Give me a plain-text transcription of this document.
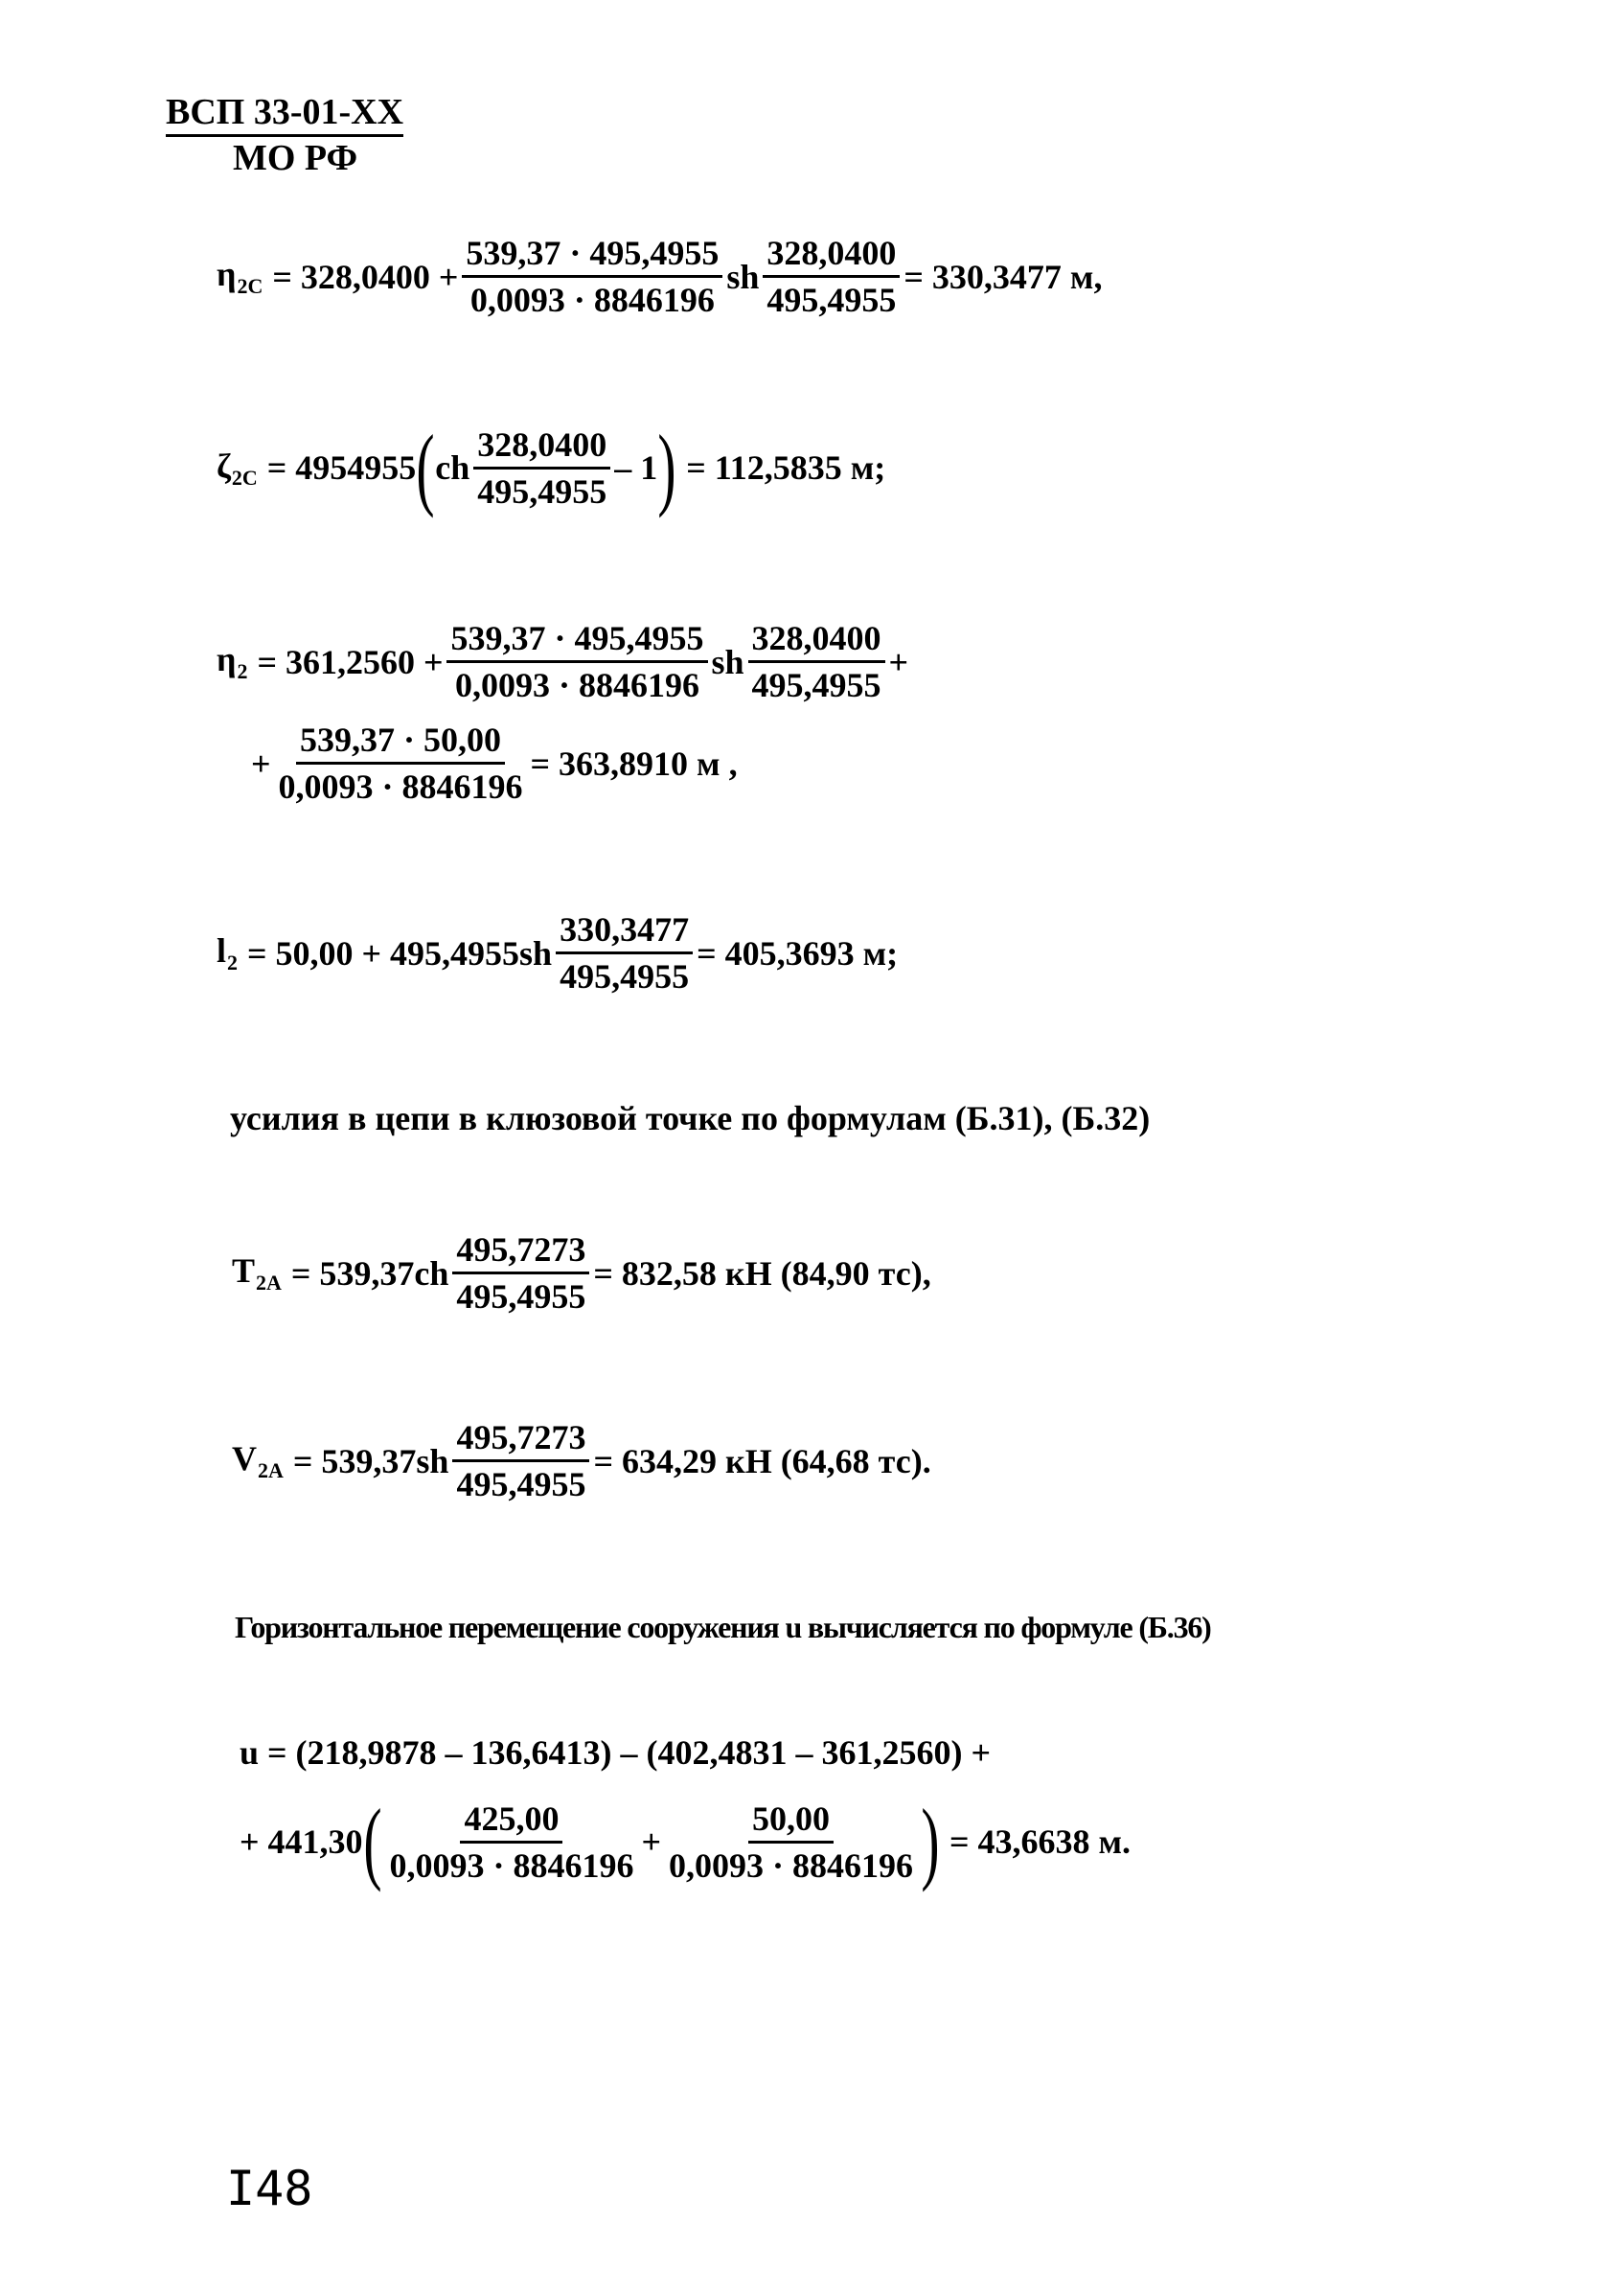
ВСП 33-01-ХХ
МО РФ
$\eta_{2С} = 328,0400 + \frac{539,37 \cdot 495,4955}{0,0093 \cdot 8846196}$ sh $\frac{328,0400}{495,4955} = 330,3477$ м,
$\zeta_{2С} = 4954955$ ( ch $\frac{328,0400}{495,4955} - 1$ ) = 112,5835 м;
$\eta_2 = 361,2560 + \frac{539,37 \cdot 495,4955}{0,0093 \cdot 8846196}$ sh $\frac{328,0400}{495,4955}$ +
+ $\frac{539,37 \cdot 50,00}{0,0093 \cdot 8846196} = 363,8910$ м ,
$l_2 = 50,00 + 495,4955sh \frac{330,3477}{495,4955} = 405,3693$ м;
усилия в цепи в клюзовой точке по формулам (Б.31), (Б.32)
$T_{2А} = 539,37ch \frac{495,7273}{495,4955} = 832,58$ кН (84,90 тс),
$V_{2А} = 539,37sh \frac{495,7273}{495,4955} = 634,29$ кН (64,68 тс).
Горизонтальное перемещение сооружения u вычисляется по формуле (Б.36)
u = (218,9878 – 136,6413) – (402,4831 – 361,2560) +
+ 441,30 ( $\frac{425,00}{0,0093 \cdot 8846196} + \frac{50,00}{0,0093 \cdot 8846196}$ ) = 43,6638 м.
I48
